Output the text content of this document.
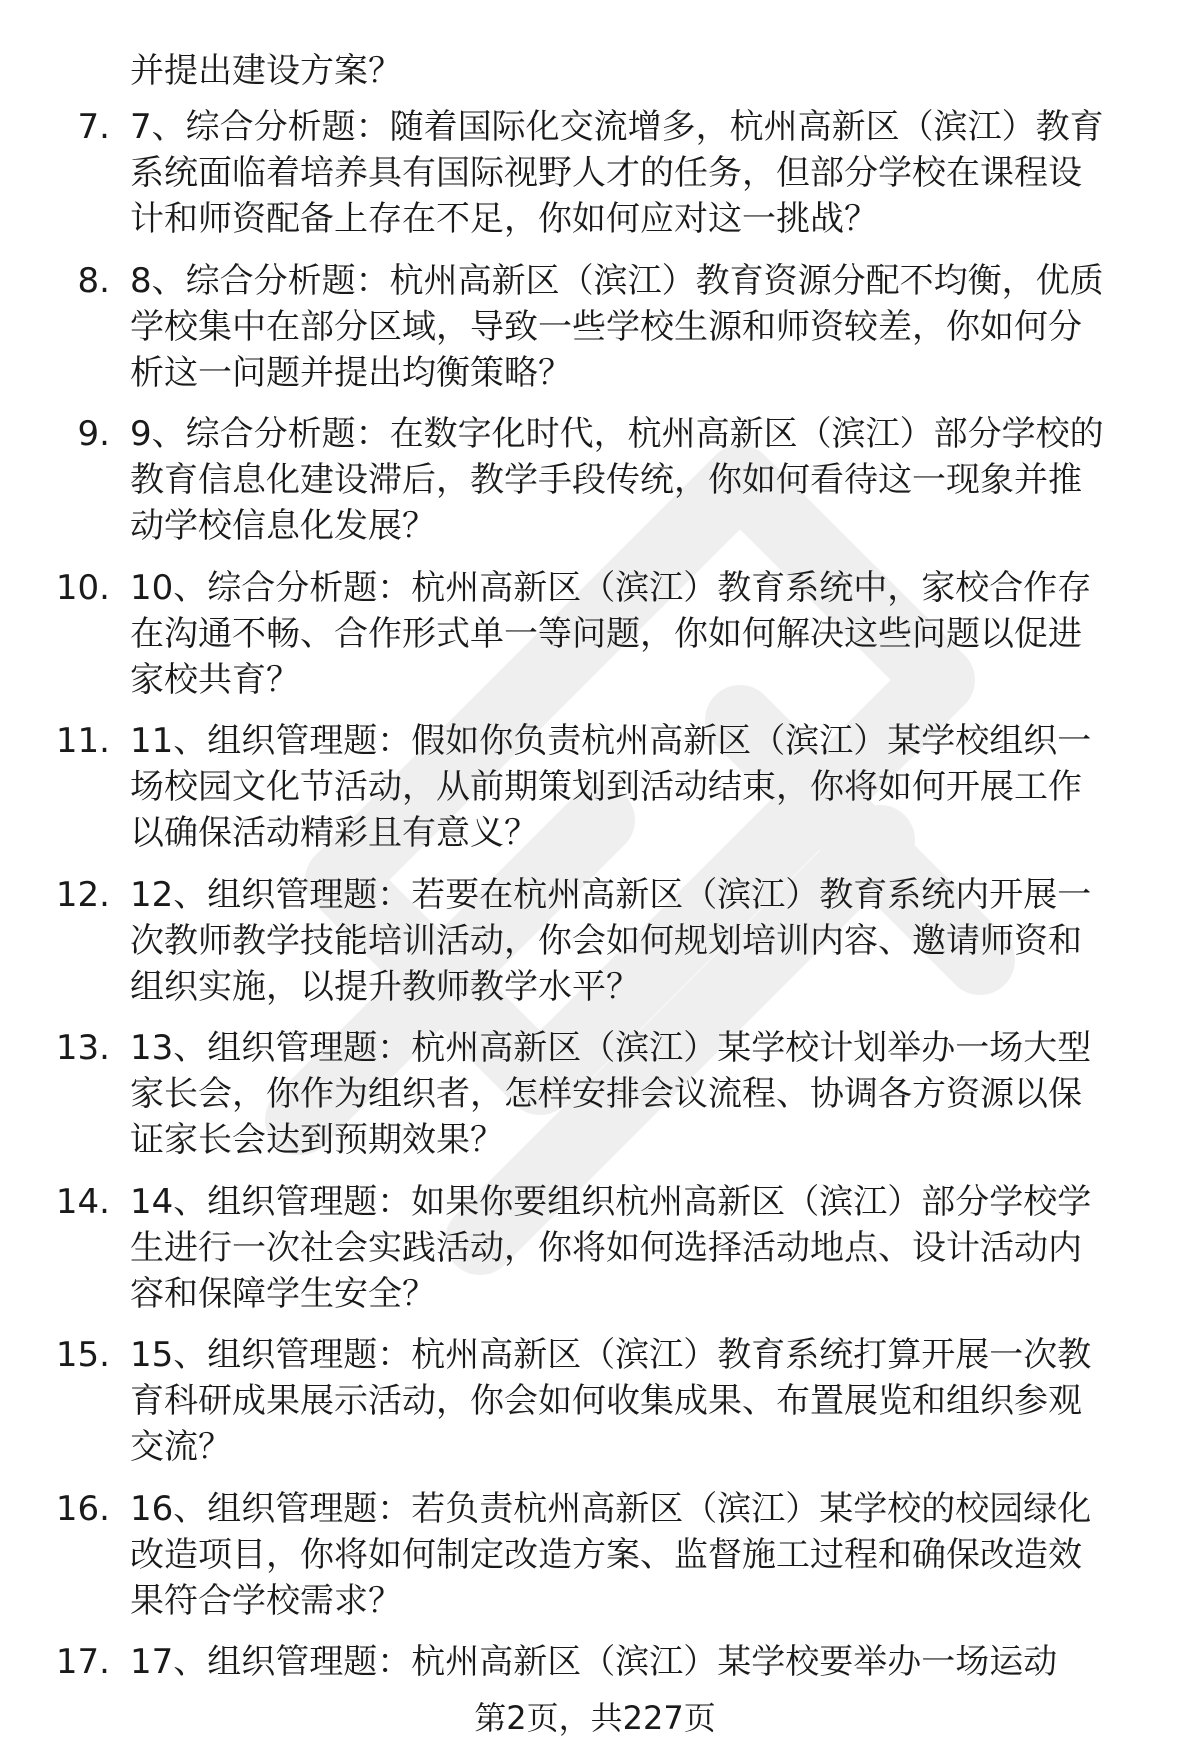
并提出建设方案？
7. 7、综合分析题：随着国际化交流增多，杭州高新区（滨江）教育
系统面临着培养具有国际视野人才的任务，但部分学校在课程设
计和师资配备上存在不足，你如何应对这一挑战？
8. 8、综合分析题：杭州高新区（滨江）教育资源分配不均衡，优质
学校集中在部分区域，导致一些学校生源和师资较差，你如何分
析这一问题并提出均衡策略？
9. 9、综合分析题：在数字化时代，杭州高新区（滨江）部分学校的
教育信息化建设滞后，教学手段传统，你如何看待这一现象并推
动学校信息化发展？
10. 10、综合分析题：杭州高新区（滨江）教育系统中，家校合作存
在沟通不畅、合作形式单一等问题，你如何解决这些问题以促进
家校共育？
11. 11、组织管理题：假如你负责杭州高新区（滨江）某学校组织一
场校园文化节活动，从前期策划到活动结束，你将如何开展工作
以确保活动精彩且有意义？
12. 12、组织管理题：若要在杭州高新区（滨江）教育系统内开展一
次教师教学技能培训活动，你会如何规划培训内容、邀请师资和
组织实施，以提升教师教学水平？
13. 13、组织管理题：杭州高新区（滨江）某学校计划举办一场大型
家长会，你作为组织者，怎样安排会议流程、协调各方资源以保
证家长会达到预期效果？
14. 14、组织管理题：如果你要组织杭州高新区（滨江）部分学校学
生进行一次社会实践活动，你将如何选择活动地点、设计活动内
容和保障学生安全？
15. 15、组织管理题：杭州高新区（滨江）教育系统打算开展一次教
育科研成果展示活动，你会如何收集成果、布置展览和组织参观
交流？
16. 16、组织管理题：若负责杭州高新区（滨江）某学校的校园绿化
改造项目，你将如何制定改造方案、监督施工过程和确保改造效
果符合学校需求？
17. 17、组织管理题：杭州高新区（滨江）某学校要举办一场运动
第2页，共227页
